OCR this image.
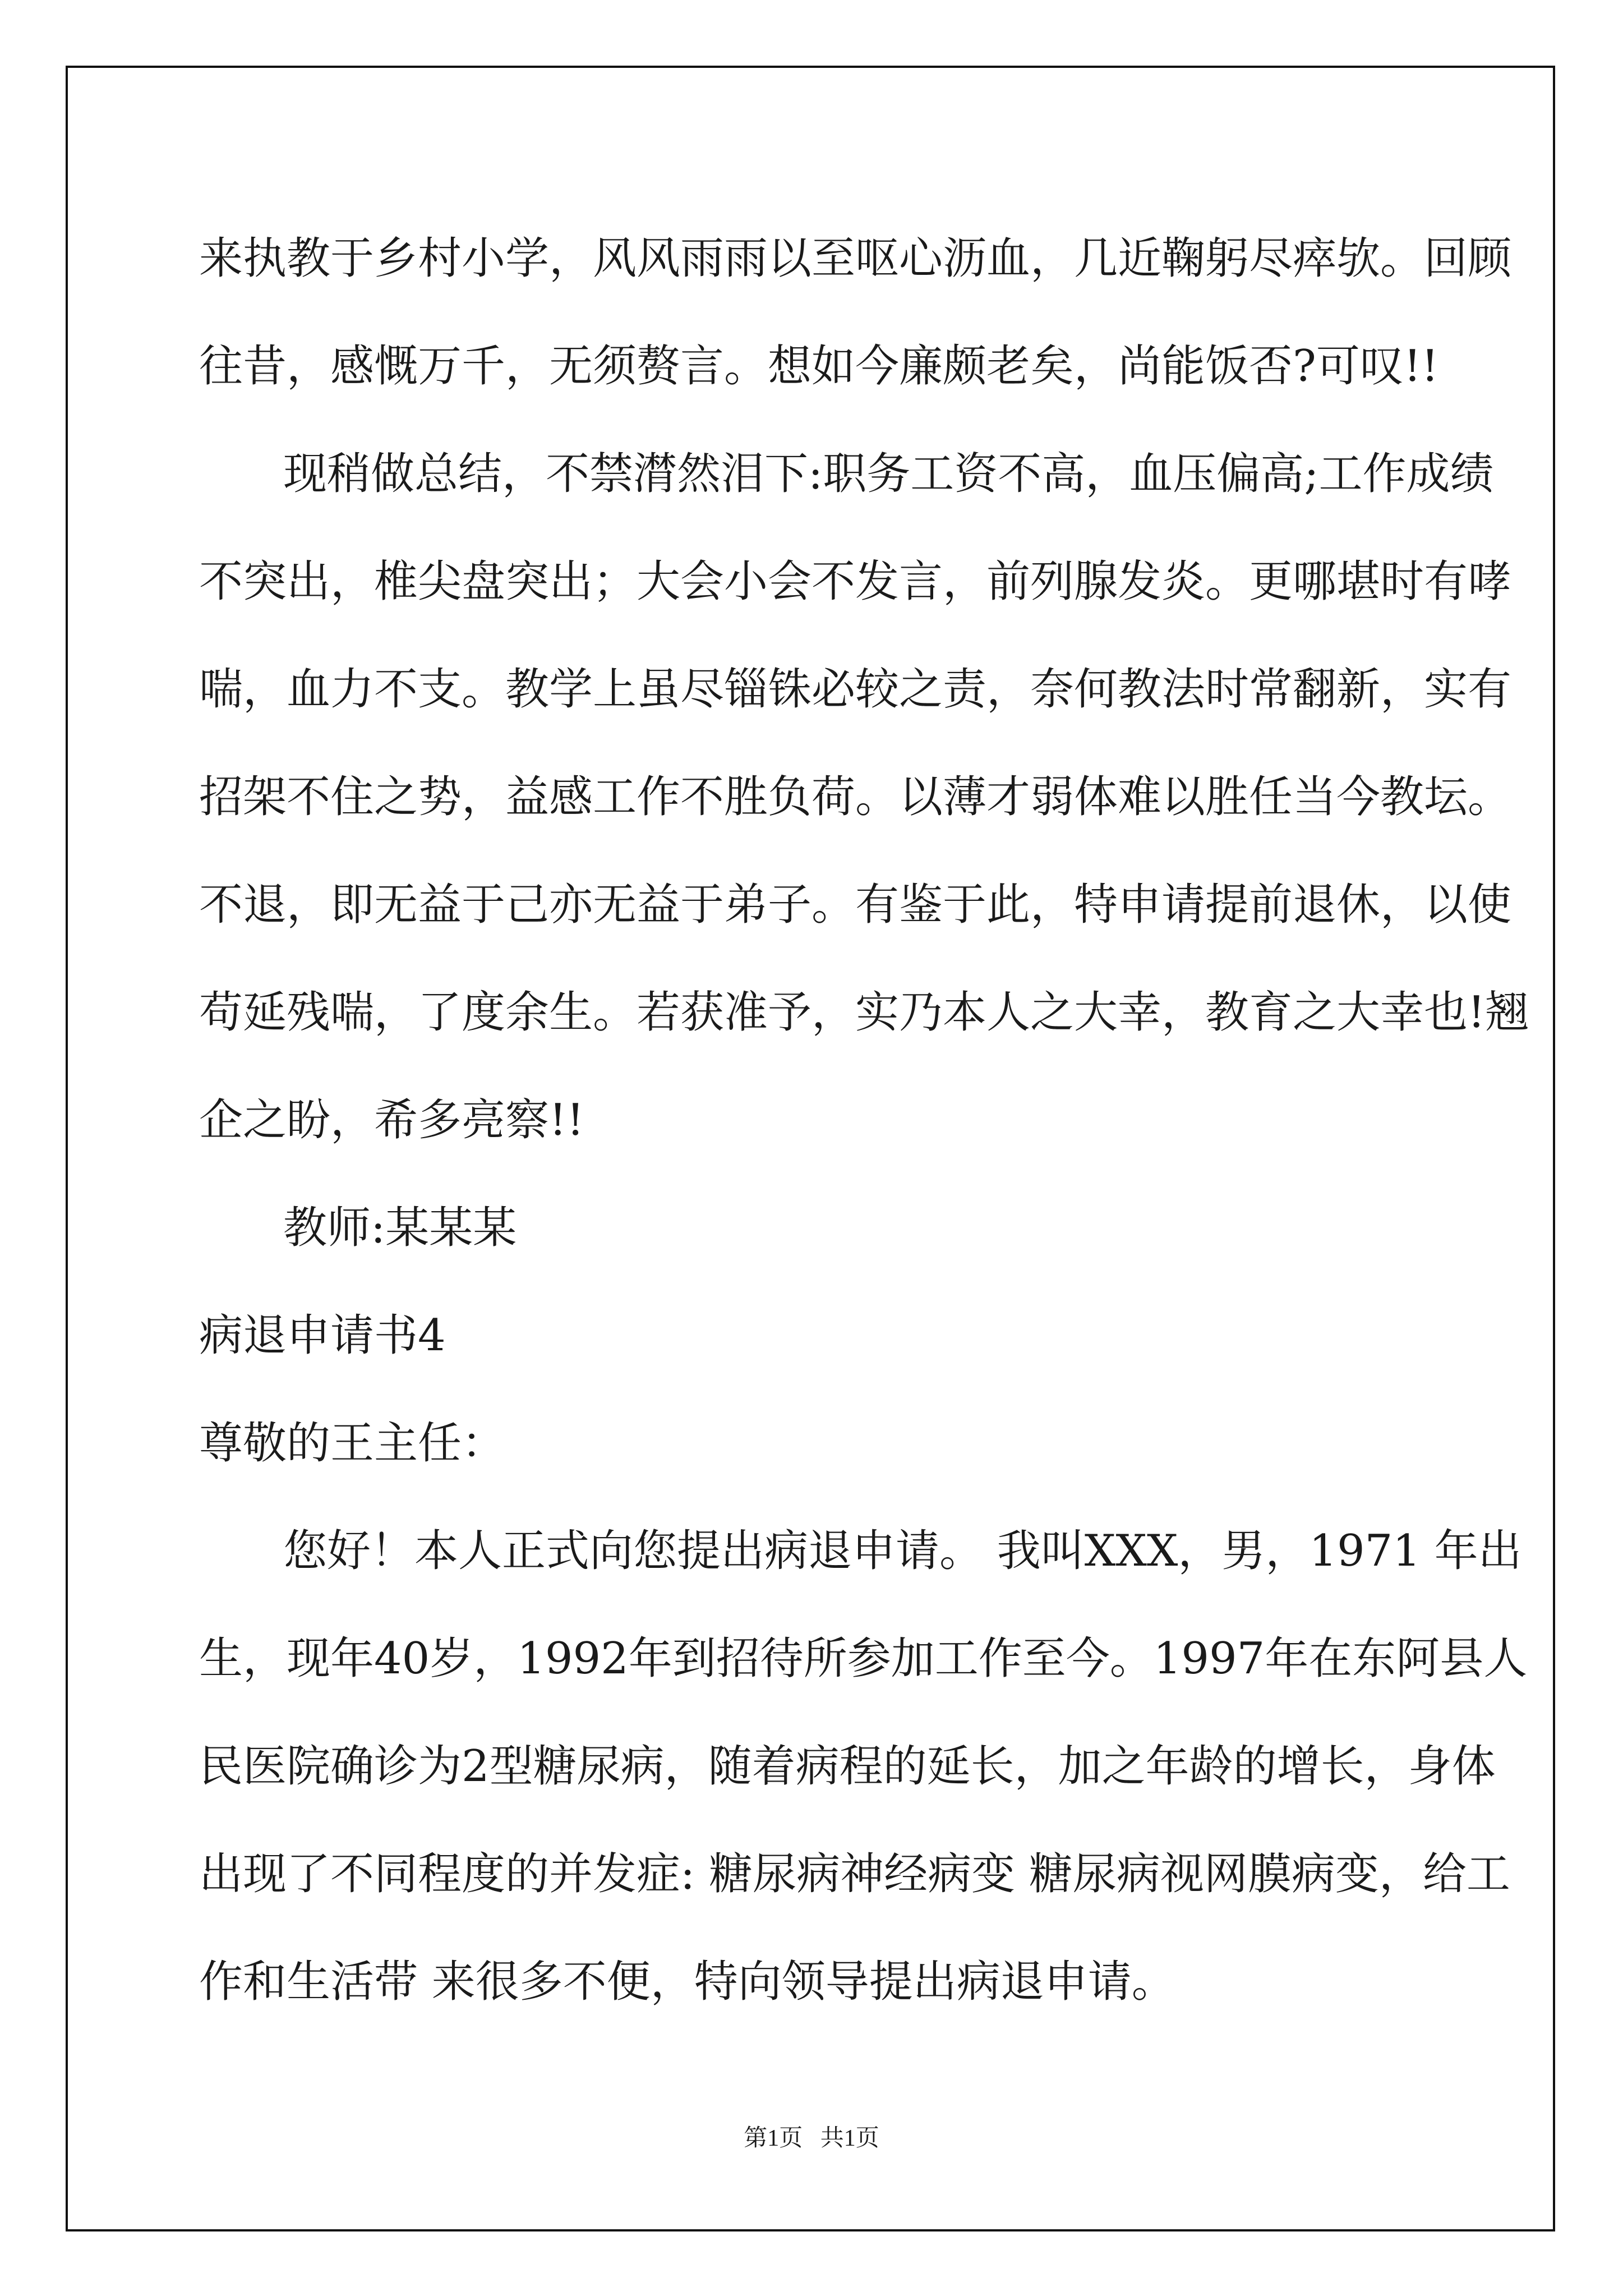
来执教于乡村小学，风风雨雨以至呕心沥血，几近鞠躬尽瘁欤。回顾
往昔，感慨万千，无须赘言。想如今廉颇老矣，尚能饭否?可叹!!
现稍做总结，不禁潸然泪下:职务工资不高，血压偏高;工作成绩
不突出，椎尖盘突出；大会小会不发言，前列腺发炎。更哪堪时有哮
喘，血力不支。教学上虽尽锱铢必较之责，奈何教法时常翻新，实有
招架不住之势，益感工作不胜负荷。以薄才弱体难以胜任当今教坛。
不退，即无益于己亦无益于弟子。有鉴于此，特申请提前退休，以使
苟延残喘，了度余生。若获准予，实乃本人之大幸，教育之大幸也!翘
企之盼，希多亮察!!
教师:某某某
病退申请书4
尊敬的王主任：
您好！本人正式向您提出病退申请。 我叫XXX，男，1971 年出
生，现年40岁，1992年到招待所参加工作至今。1997年在东阿县人
民医院确诊为2型糖尿病，随着病程的延长，加之年龄的增长，身体
出现了不同程度的并发症: 糖尿病神经病变 糖尿病视网膜病变，给工
作和生活带 来很多不便，特向领导提出病退申请。
第1页   共1页
